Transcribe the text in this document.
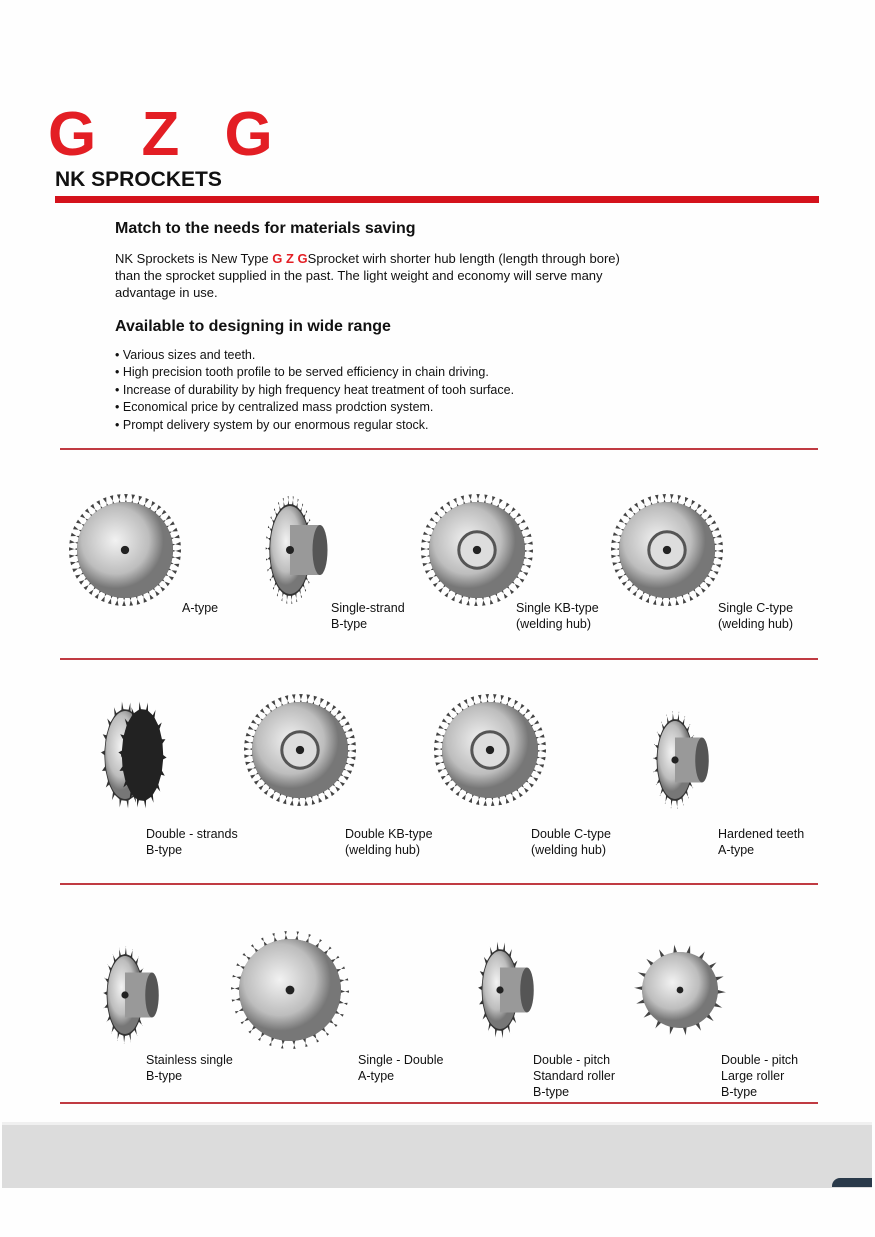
G Z G
NK SPROCKETS
Match to the needs for materials saving
NK Sprockets is New Type G Z GSprocket wirh shorter hub length (length through bore) than the sprocket supplied in the past. The light weight and economy will serve many advantage in use.
Available to designing in wide range
• Various sizes and teeth.
• High precision tooth profile to be served efficiency in chain driving.
• Increase of durability by high frequency heat treatment of tooh surface.
• Economical price by centralized mass prodction system.
• Prompt delivery system by our enormous regular stock.
A-type	Single-strand
B-type
Single KB-type
(welding hub)
Single C-type
(welding hub)
Double - strands
B-type
Double KB-type
(welding hub)
Double C-type
(welding hub)
Hardened teeth
A-type
Stainless single
B-type
Single - Double
A-type
Double - pitch
Standard roller
B-type
Double - pitch
Large roller
B-type
